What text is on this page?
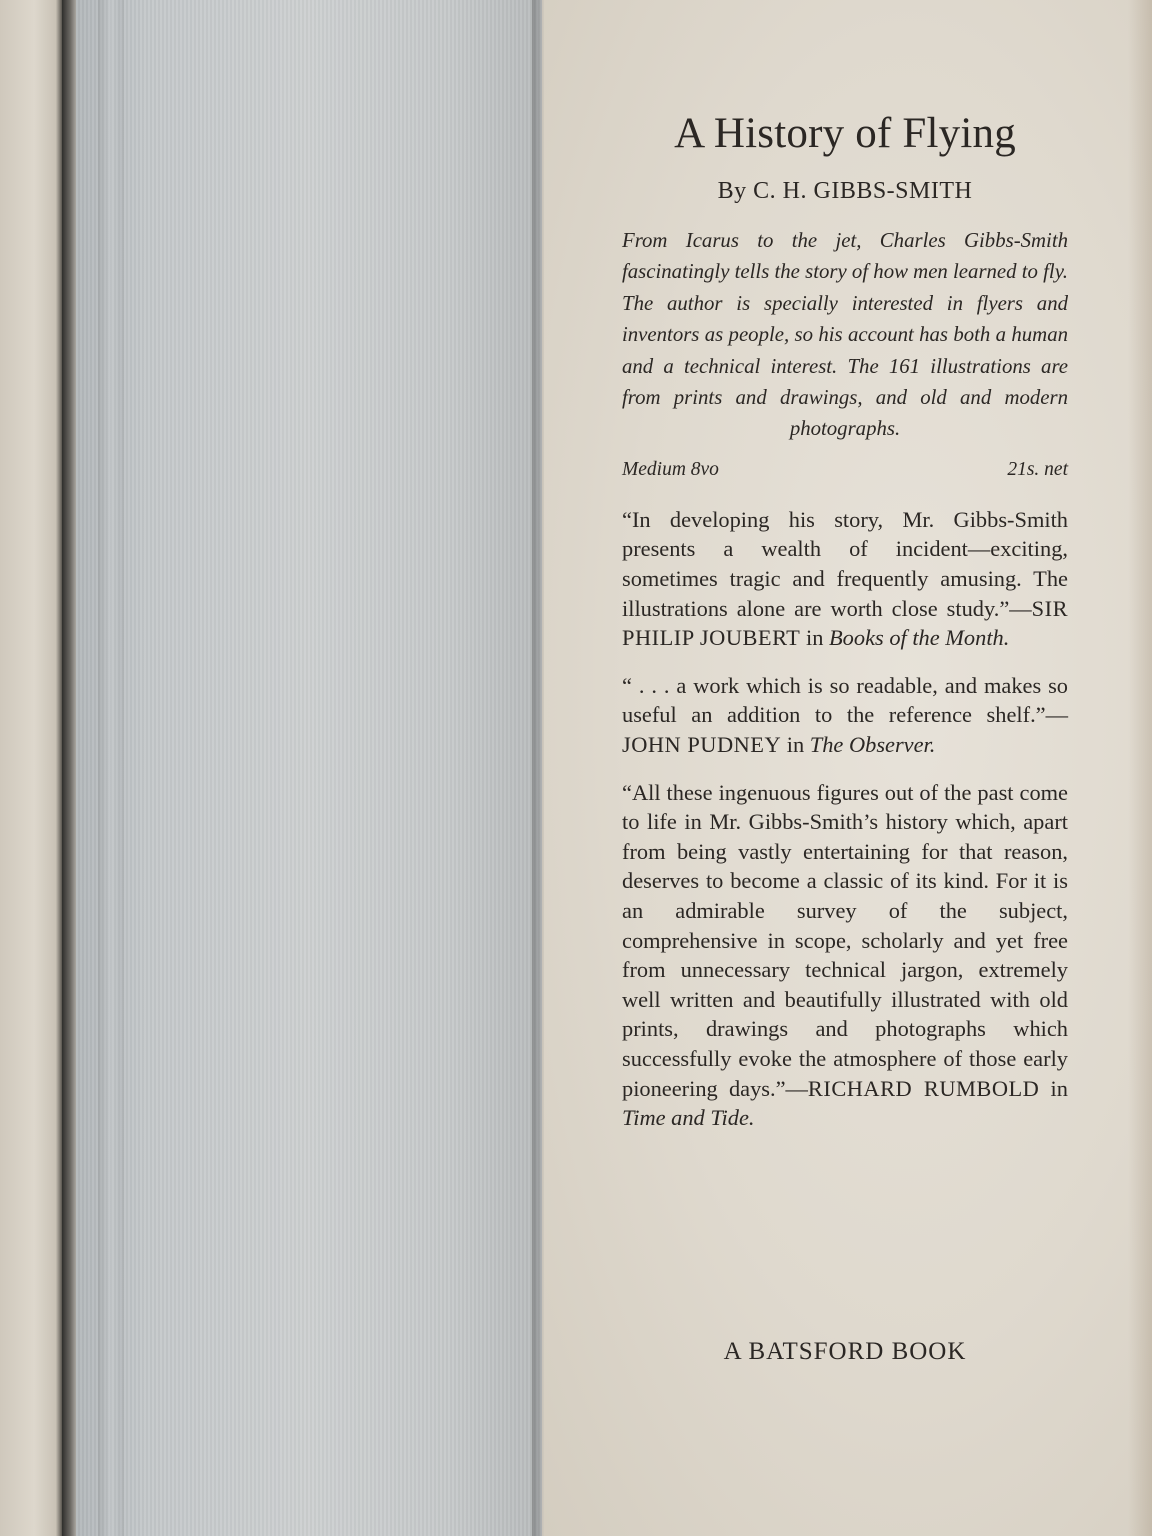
A History of Flying
By C. H. GIBBS-SMITH
From Icarus to the jet, Charles Gibbs-Smith fascinatingly tells the story of how men learned to fly. The author is specially interested in flyers and inventors as people, so his account has both a human and a technical interest. The 161 illustrations are from prints and drawings, and old and modern photographs.
Medium 8vo	21s. net
“In developing his story, Mr. Gibbs-Smith presents a wealth of incident—exciting, sometimes tragic and frequently amusing. The illustrations alone are worth close study.”—SIR PHILIP JOUBERT in Books of the Month.
“ . . . a work which is so readable, and makes so useful an addition to the reference shelf.”—JOHN PUDNEY in The Observer.
“All these ingenuous figures out of the past come to life in Mr. Gibbs-Smith’s history which, apart from being vastly entertaining for that reason, deserves to become a classic of its kind. For it is an admirable survey of the subject, comprehensive in scope, scholarly and yet free from unnecessary technical jargon, extremely well written and beautifully illustrated with old prints, drawings and photographs which successfully evoke the atmosphere of those early pioneering days.”—RICHARD RUMBOLD in Time and Tide.
A BATSFORD BOOK
